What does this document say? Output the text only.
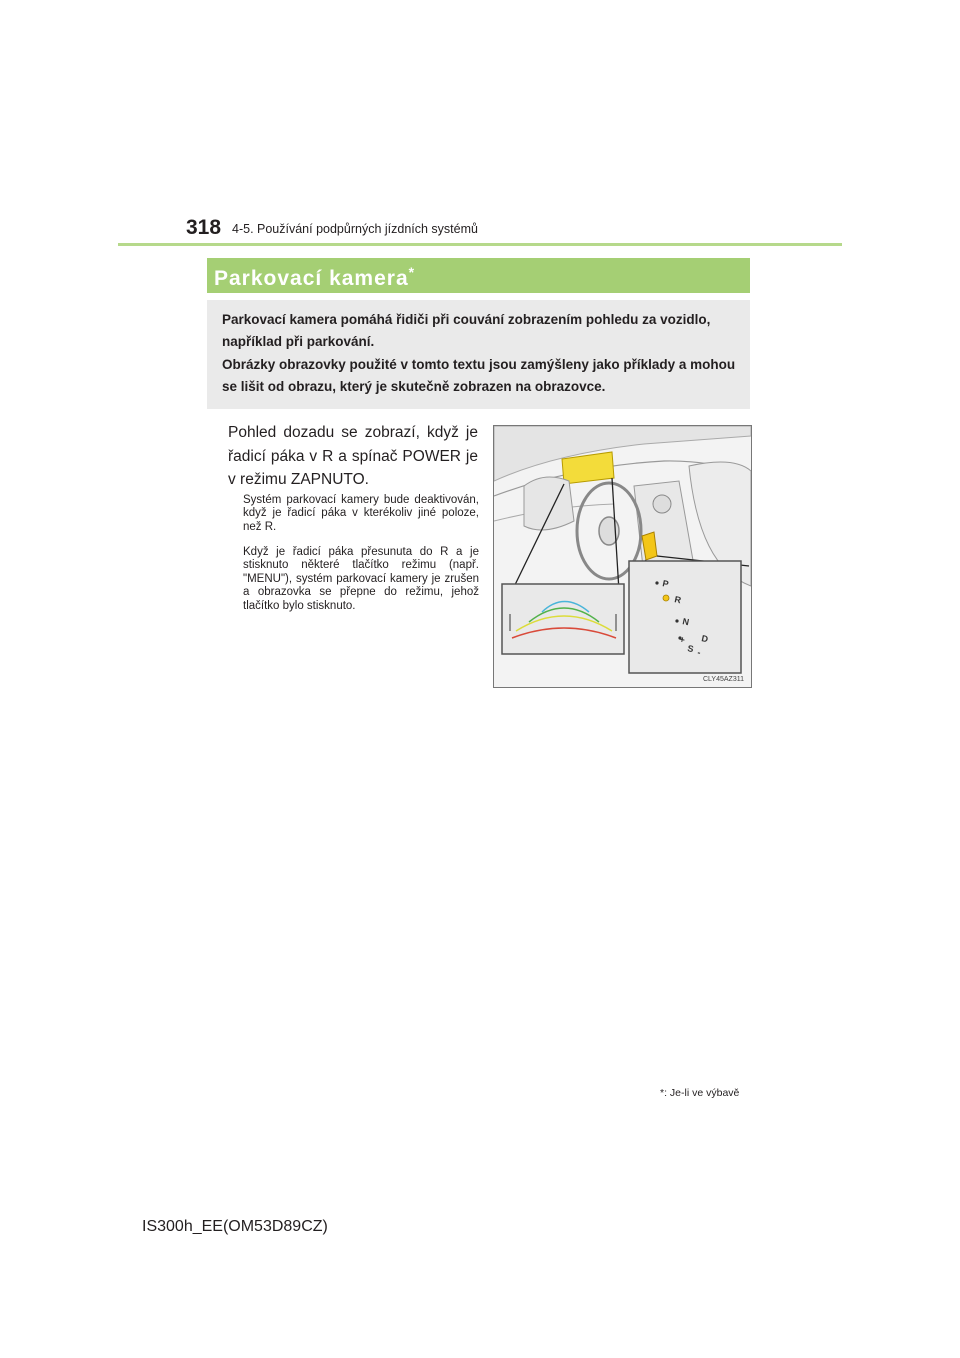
318 4-5. Používání podpůrných jízdních systémů
Parkovací kamera*

Parkovací kamera pomáhá řidiči při couvání zobrazením pohledu za vozidlo, například při parkování.

Obrázky obrazovky použité v tomto textu jsou zamýšleny jako příklady a mohou se lišit od obrazu, který je skutečně zobrazen na obrazovce.

Pohled dozadu se zobrazí, když je řadicí páka v R a spínač POWER je v režimu ZAPNUTO.
Systém parkovací kamery bude deaktivován, když je řadicí páka v kterékoliv jiné poloze, než R.
Když je řadicí páka přesunuta do R a je stisknuto některé tlačítko režimu (např. "MENU"), systém parkovací kamery je zrušen a obrazovka se přepne do režimu, jehož tlačítko bylo stisknuto.
P
R
N
D
S
+
-
CLY45AZ311
*: Je-li ve výbavě
IS300h_EE(OM53D89CZ)
